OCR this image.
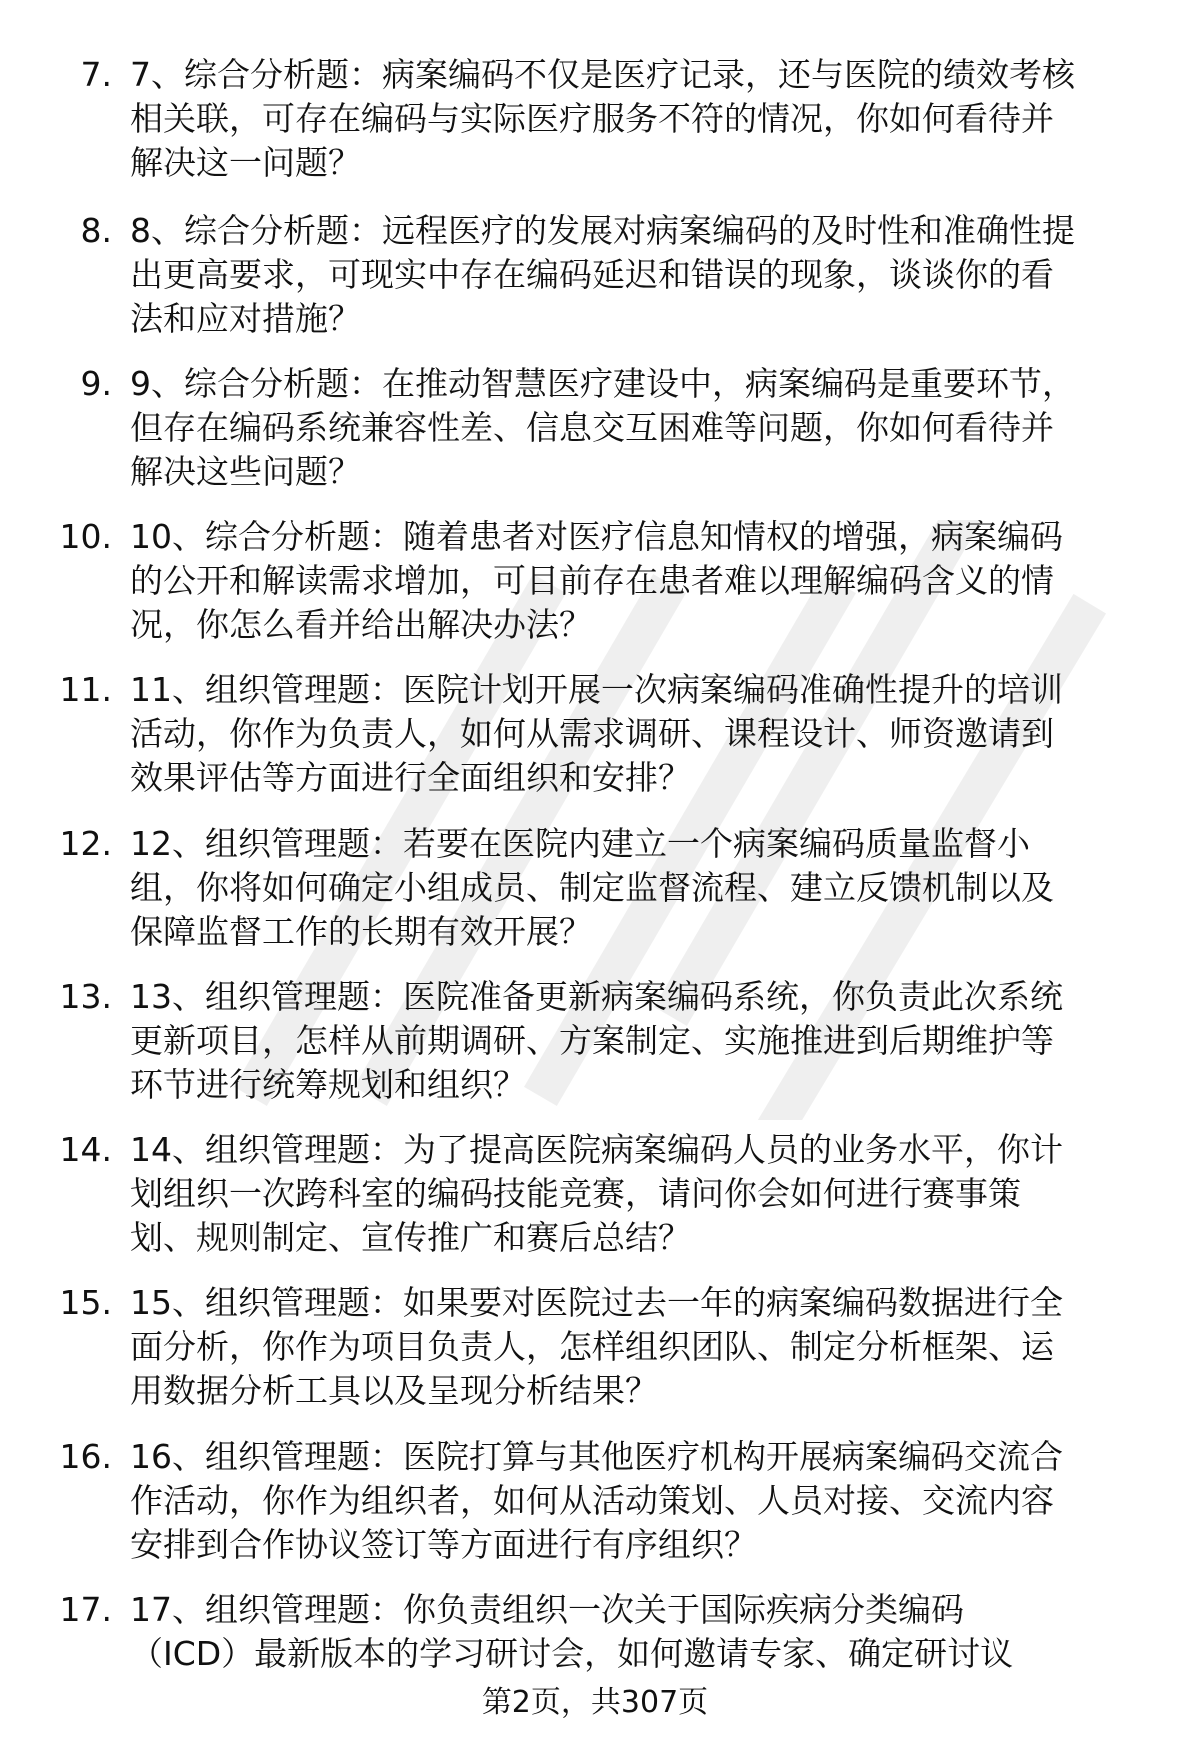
7. 7、综合分析题：病案编码不仅是医疗记录，还与医院的绩效考核
相关联，可存在编码与实际医疗服务不符的情况，你如何看待并
解决这一问题？
8. 8、综合分析题：远程医疗的发展对病案编码的及时性和准确性提
出更高要求，可现实中存在编码延迟和错误的现象，谈谈你的看
法和应对措施？
9. 9、综合分析题：在推动智慧医疗建设中，病案编码是重要环节，
但存在编码系统兼容性差、信息交互困难等问题，你如何看待并
解决这些问题？
10. 10、综合分析题：随着患者对医疗信息知情权的增强，病案编码
的公开和解读需求增加，可目前存在患者难以理解编码含义的情
况，你怎么看并给出解决办法？
11. 11、组织管理题：医院计划开展一次病案编码准确性提升的培训
活动，你作为负责人，如何从需求调研、课程设计、师资邀请到
效果评估等方面进行全面组织和安排？
12. 12、组织管理题：若要在医院内建立一个病案编码质量监督小
组，你将如何确定小组成员、制定监督流程、建立反馈机制以及
保障监督工作的长期有效开展？
13. 13、组织管理题：医院准备更新病案编码系统，你负责此次系统
更新项目，怎样从前期调研、方案制定、实施推进到后期维护等
环节进行统筹规划和组织？
14. 14、组织管理题：为了提高医院病案编码人员的业务水平，你计
划组织一次跨科室的编码技能竞赛，请问你会如何进行赛事策
划、规则制定、宣传推广和赛后总结？
15. 15、组织管理题：如果要对医院过去一年的病案编码数据进行全
面分析，你作为项目负责人，怎样组织团队、制定分析框架、运
用数据分析工具以及呈现分析结果？
16. 16、组织管理题：医院打算与其他医疗机构开展病案编码交流合
作活动，你作为组织者，如何从活动策划、人员对接、交流内容
安排到合作协议签订等方面进行有序组织？
17. 17、组织管理题：你负责组织一次关于国际疾病分类编码
（ICD）最新版本的学习研讨会，如何邀请专家、确定研讨议
第2页，共307页
